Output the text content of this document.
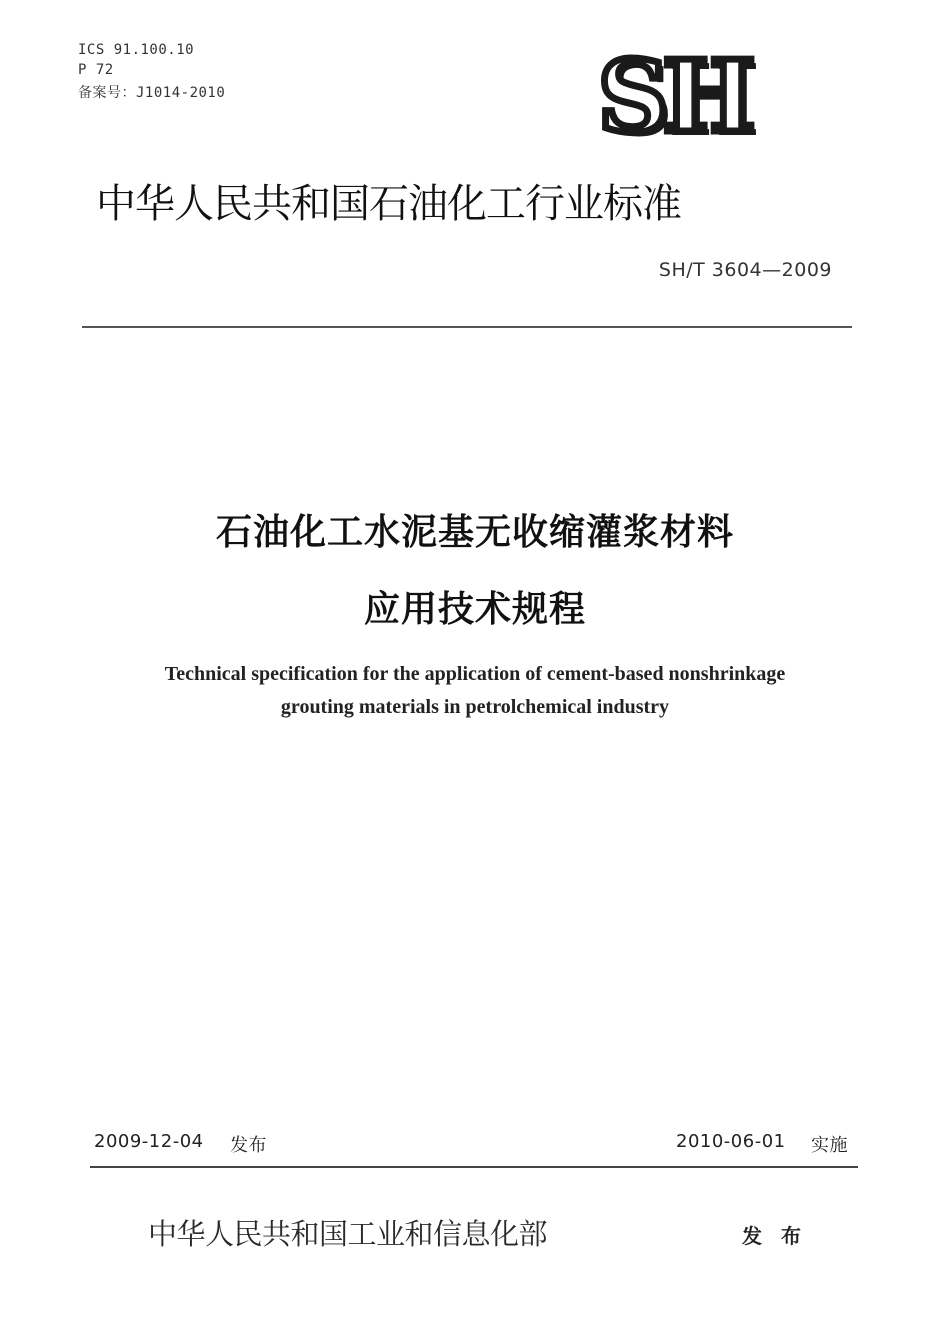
ICS 91.100.10
P 72
备案号：J1014-2010	SH
中华人民共和国石油化工行业标准
SH/T 3604—2009
石油化工水泥基无收缩灌浆材料
应用技术规程
Technical specification for the application of cement-based nonshrinkage
grouting materials in petrolchemical industry
2009-12-04 发布	2010-06-01 实施
中华人民共和国工业和信息化部	发 布
